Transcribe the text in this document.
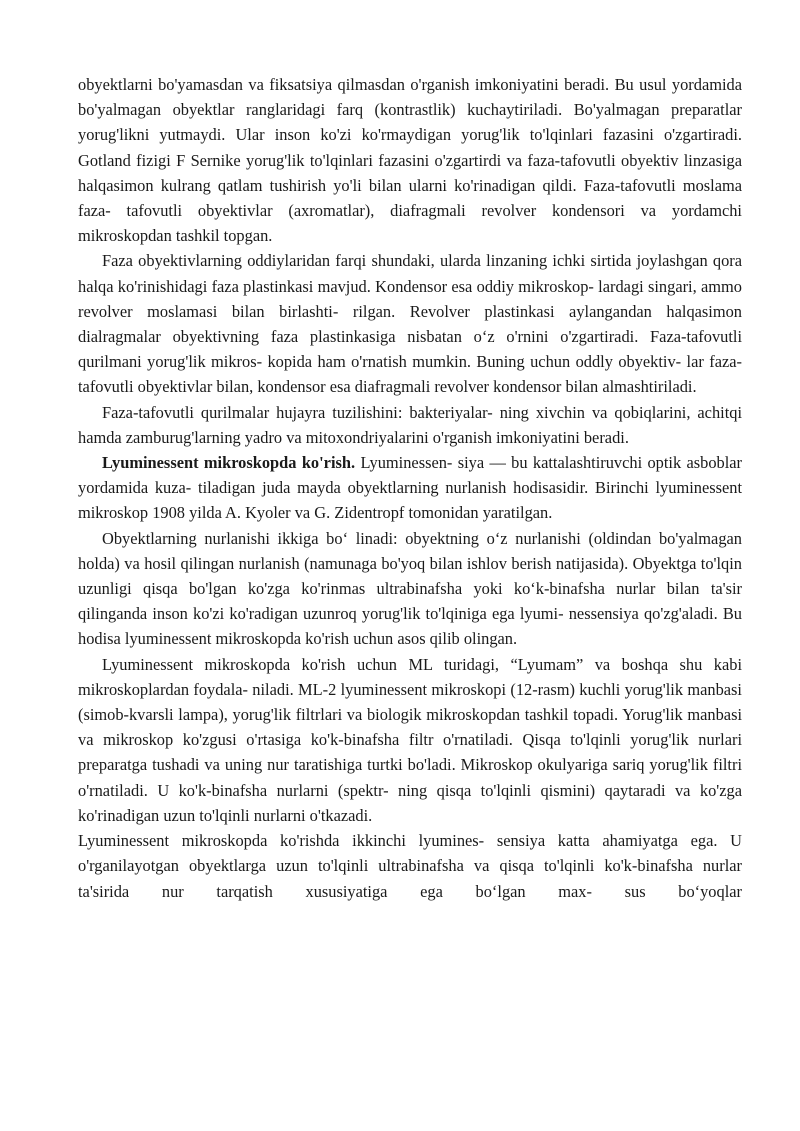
obyektlarni bo'yamasdan va fiksatsiya qilmasdan o'rganish imkoniyatini beradi. Bu usul yordamida bo'yalmagan obyektlar ranglaridagi farq (kontrastlik) kuchaytiriladi. Bo'yalmagan preparatlar yorug'likni yutmaydi. Ular inson ko'zi ko'rmaydigan yorug'lik to'lqinlari fazasini o'zgartiradi. Gotland fizigi F Sernike yorug'lik to'lqinlari fazasini o'zgartirdi va faza-tafovutli obyektiv linzasiga halqasimon kulrang qatlam tushirish yo'li bilan ularni ko'rinadigan qildi. Faza-tafovutli moslama faza- tafovutli obyektivlar (axromatlar), diafragmali revolver kondensori va yordamchi mikroskopdan tashkil topgan.

Faza obyektivlarning oddiylaridan farqi shundaki, ularda linzaning ichki sirtida joylashgan qora halqa ko'rinishidagi faza plastinkasi mavjud. Kondensor esa oddiy mikroskop- lardagi singari, ammo revolver moslamasi bilan birlashti- rilgan. Revolver plastinkasi aylangandan halqasimon dialragmalar obyektivning faza plastinkasiga nisbatan o‘z o'rnini o'zgartiradi. Faza-tafovutli qurilmani yorug'lik mikros- kopida ham o'rnatish mumkin. Buning uchun oddly obyektiv- lar faza-tafovutli obyektivlar bilan, kondensor esa diafragmali revolver kondensor bilan almashtiriladi.

Faza-tafovutli qurilmalar hujayra tuzilishini: bakteriyalar- ning xivchin va qobiqlarini, achitqi hamda zamburug'larning yadro va mitoxondriyalarini o'rganish imkoniyatini beradi.

Lyuminessent mikroskopda ko'rish. Lyuminessen- siya — bu kattalashtiruvchi optik asboblar yordamida kuza- tiladigan juda mayda obyektlarning nurlanish hodisasidir. Birinchi lyuminessent mikroskop 1908 yilda A. Kyoler va G. Zidentropf tomonidan yaratilgan.

Obyektlarning nurlanishi ikkiga bo‘ linadi: obyektning o‘z nurlanishi (oldindan bo'yalmagan holda) va hosil qilingan nurlanish (namunaga bo'yoq bilan ishlov berish natijasida). Obyektga to'lqin uzunligi qisqa bo'lgan ko'zga ko'rinmas ultrabinafsha yoki ko‘k-binafsha nurlar bilan ta'sir qilinganda inson ko'zi ko'radigan uzunroq yorug'lik to'lqiniga ega lyumi- nessensiya qo'zg'aladi. Bu hodisa lyuminessent mikroskopda ko'rish uchun asos qilib olingan.

Lyuminessent mikroskopda ko'rish uchun ML turidagi, “Lyumam” va boshqa shu kabi mikroskoplardan foydala- niladi. ML-2 lyuminessent mikroskopi (12-rasm) kuchli yorug'lik manbasi (simob-kvarsli lampa), yorug'lik filtrlari va biologik mikroskopdan tashkil topadi. Yorug'lik manbasi va mikroskop ko'zgusi o'rtasiga ko'k-binafsha filtr o'rnatiladi. Qisqa to'lqinli yorug'lik nurlari preparatga tushadi va uning nur taratishiga turtki bo'ladi. Mikroskop okulyariga sariq yorug'lik filtri o'rnatiladi. U ko'k-binafsha nurlarni (spektr- ning qisqa to'lqinli qismini) qaytaradi va ko'zga ko'rinadigan uzun to'lqinli nurlarni o'tkazadi.

Lyuminessent mikroskopda ko'rishda ikkinchi lyumines- sensiya katta ahamiyatga ega. U o'rganilayotgan obyektlarga uzun to'lqinli ultrabinafsha va qisqa to'lqinli ko'k-binafsha nurlar ta'sirida nur tarqatish xususiyatiga ega bo‘lgan max- sus bo‘yoqlar
